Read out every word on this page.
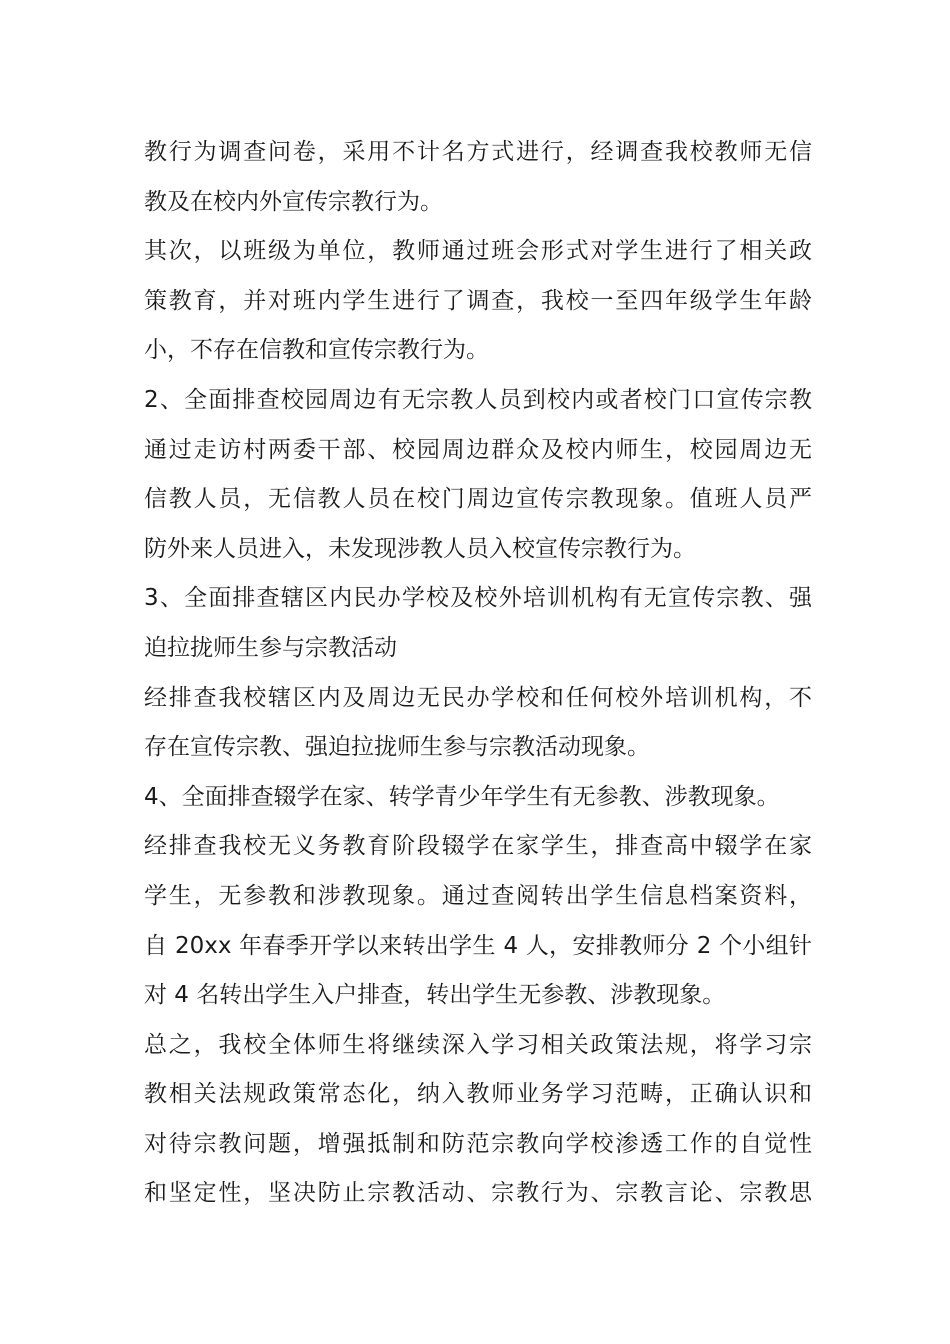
教行为调查问卷，采用不计名方式进行，经调查我校教师无信
教及在校内外宣传宗教行为。
其次，以班级为单位，教师通过班会形式对学生进行了相关政
策教育，并对班内学生进行了调查，我校一至四年级学生年龄
小，不存在信教和宣传宗教行为。
2、全面排查校园周边有无宗教人员到校内或者校门口宣传宗教
通过走访村两委干部、校园周边群众及校内师生，校园周边无
信教人员，无信教人员在校门周边宣传宗教现象。值班人员严
防外来人员进入，未发现涉教人员入校宣传宗教行为。
3、全面排查辖区内民办学校及校外培训机构有无宣传宗教、强
迫拉拢师生参与宗教活动
经排查我校辖区内及周边无民办学校和任何校外培训机构，不
存在宣传宗教、强迫拉拢师生参与宗教活动现象。
4、全面排查辍学在家、转学青少年学生有无参教、涉教现象。
经排查我校无义务教育阶段辍学在家学生，排查高中辍学在家
学生，无参教和涉教现象。通过查阅转出学生信息档案资料，
自 20xx 年春季开学以来转出学生 4 人，安排教师分 2 个小组针
对 4 名转出学生入户排查，转出学生无参教、涉教现象。
总之，我校全体师生将继续深入学习相关政策法规，将学习宗
教相关法规政策常态化，纳入教师业务学习范畴，正确认识和
对待宗教问题，增强抵制和防范宗教向学校渗透工作的自觉性
和坚定性，坚决防止宗教活动、宗教行为、宗教言论、宗教思
